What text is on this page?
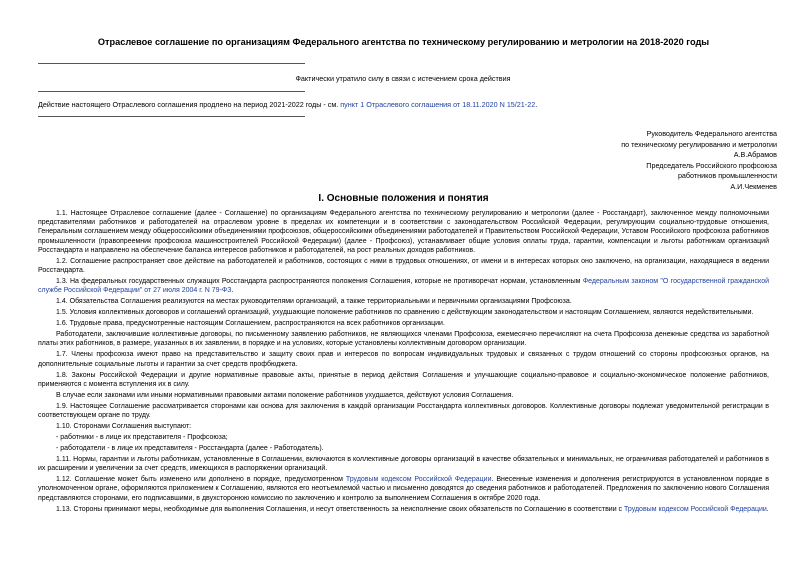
Отраслевое соглашение по организациям Федерального агентства по техническому регулированию и метрологии на 2018-2020 годы
Фактически утратило силу в связи с истечением срока действия
Действие настоящего Отраслевого соглашения продлено на период 2021-2022 годы - см. пункт 1 Отраслевого соглашения от 18.11.2020 N 15/21-22.
Руководитель Федерального агентства
по техническому регулированию и метрологии
А.В.Абрамов
Председатель Российского профсоюза
работников промышленности
А.И.Чекменев
I. Основные положения и понятия

1.1. Настоящее Отраслевое соглашение (далее - Соглашение) по организациям Федерального агентства по техническому регулированию и метрологии (далее - Росстандарт), заключенное между полномочными представителями работников и работодателей на отраслевом уровне в пределах их компетенции и в соответствии с законодательством Российской Федерации, регулирующим социально-трудовые отношения, Генеральным соглашением между общероссийскими объединениями профсоюзов, общероссийскими объединениями работодателей и Правительством Российской Федерации, Уставом Российского профсоюза работников промышленности (правопреемник профсоюза машиностроителей Российской Федерации) (далее - Профсоюз), устанавливает общие условия оплаты труда, гарантии, компенсации и льготы работникам организаций Росстандарта и направлено на обеспечение баланса интересов работников и работодателей, на рост реальных доходов работников.

1.2. Соглашение распространяет свое действие на работодателей и работников, состоящих с ними в трудовых отношениях, от имени и в интересах которых оно заключено, на организации, находящиеся в ведении Росстандарта.

1.3. На федеральных государственных служащих Росстандарта распространяются положения Соглашения, которые не противоречат нормам, установленным Федеральным законом "О государственной гражданской службе Российской Федерации" от 27 июля 2004 г. N 79-ФЗ.

1.4. Обязательства Соглашения реализуются на местах руководителями организаций, а также территориальными и первичными организациями Профсоюза.

1.5. Условия коллективных договоров и соглашений организаций, ухудшающие положение работников по сравнению с действующим законодательством и настоящим Соглашением, являются недействительными.

1.6. Трудовые права, предусмотренные настоящим Соглашением, распространяются на всех работников организации.

Работодатели, заключившие коллективные договоры, по письменному заявлению работников, не являющихся членами Профсоюза, ежемесячно перечисляют на счета Профсоюза денежные средства из заработной платы этих работников, в размере, указанных в их заявлении, в порядке и на условиях, которые установлены коллективным договором организации.

1.7. Члены профсоюза имеют право на представительство и защиту своих прав и интересов по вопросам индивидуальных трудовых и связанных с трудом отношений со стороны профсоюзных органов, на дополнительные социальные льготы и гарантии за счет средств профбюджета.

1.8. Законы Российской Федерации и другие нормативные правовые акты, принятые в период действия Соглашения и улучшающие социально-правовое и социально-экономическое положение работников, применяются с момента вступления их в силу.

В случае если законами или иными нормативными правовыми актами положение работников ухудшается, действуют условия Соглашения.

1.9. Настоящее Соглашение рассматривается сторонами как основа для заключения в каждой организации Росстандарта коллективных договоров. Коллективные договоры подлежат уведомительной регистрации в соответствующем органе по труду.

1.10. Сторонами Соглашения выступают:

- работники - в лице их представителя - Профсоюза;

- работодатели - в лице их представителя - Росстандарта (далее - Работодатель).

1.11. Нормы, гарантии и льготы работникам, установленные в Соглашении, включаются в коллективные договоры организаций в качестве обязательных и минимальных, не ограничивая работодателей и работников в их расширении и увеличении за счет средств, имеющихся в распоряжении организаций.

1.12. Соглашение может быть изменено или дополнено в порядке, предусмотренном Трудовым кодексом Российской Федерации. Внесенные изменения и дополнения регистрируются в установленном порядке в уполномоченном органе, оформляются приложением к Соглашению, являются его неотъемлемой частью и письменно доводятся до сведения работников и работодателей. Предложения по заключению нового Соглашения представляются сторонами, его подписавшими, в двухсторонюю комиссию по заключению и контролю за выполнением Соглашения в октябре 2020 года.

1.13. Стороны принимают меры, необходимые для выполнения Соглашения, и несут ответственность за неисполнение своих обязательств по Соглашению в соответствии с Трудовым кодексом Российской Федерации.
